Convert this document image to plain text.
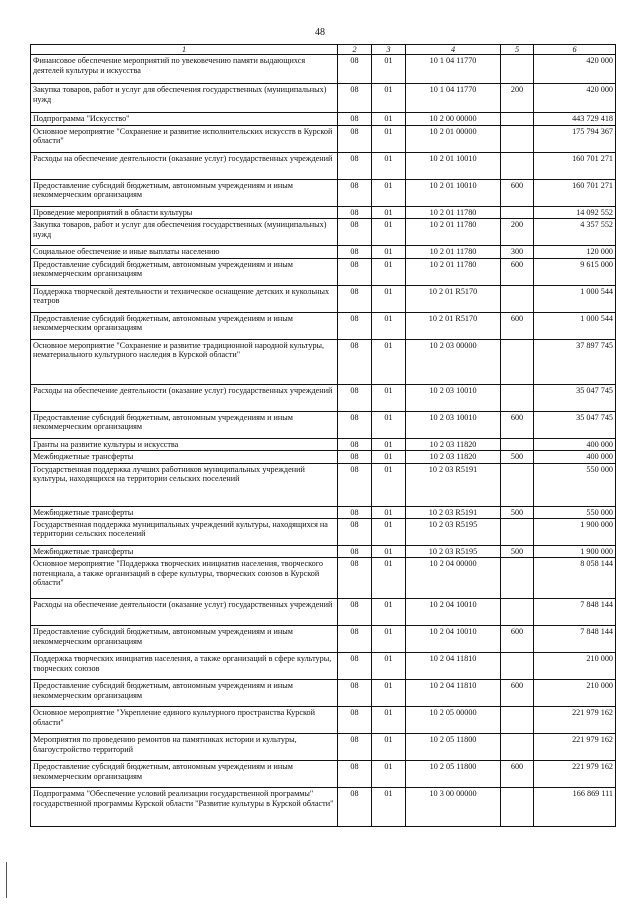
48
1	2	3	4	5	6
Финансовое обеспечение мероприятий по увековечению памяти выдающихся деятелей культуры и искусства	08	01	10 1 04 11770		420 000
Закупка товаров, работ и услуг для обеспечения государственных (муниципальных) нужд	08	01	10 1 04 11770	200	420 000
Подпрограмма "Искусство"	08	01	10 2 00 00000		443 729 418
Основное мероприятие "Сохранение и развитие исполнительских искусств в Курской области"	08	01	10 2 01 00000		175 794 367
Расходы на обеспечение деятельности (оказание услуг) государственных учреждений	08	01	10 2 01 10010		160 701 271
Предоставление субсидий бюджетным, автономным учреждениям и иным некоммерческим организациям	08	01	10 2 01 10010	600	160 701 271
Проведение мероприятий в области культуры	08	01	10 2 01 11780		14 092 552
Закупка товаров, работ и услуг для обеспечения государственных (муниципальных) нужд	08	01	10 2 01 11780	200	4 357 552
Социальное обеспечение и иные выплаты населению	08	01	10 2 01 11780	300	120 000
Предоставление субсидий бюджетным, автономным учреждениям и иным некоммерческим организациям	08	01	10 2 01 11780	600	9 615 000
Поддержка творческой деятельности и техническое оснащение детских и кукольных театров	08	01	10 2 01 R5170		1 000 544
Предоставление субсидий бюджетным, автономным учреждениям и иным некоммерческим организациям	08	01	10 2 01 R5170	600	1 000 544
Основное мероприятие "Сохранение и развитие традиционной народной культуры, нематериального культурного наследия в Курской области"	08	01	10 2 03 00000		37 897 745
Расходы на обеспечение деятельности (оказание услуг) государственных учреждений	08	01	10 2 03 10010		35 047 745
Предоставление субсидий бюджетным, автономным учреждениям и иным некоммерческим организациям	08	01	10 2 03 10010	600	35 047 745
Гранты на развитие культуры и искусства	08	01	10 2 03 11820		400 000
Межбюджетные трансферты	08	01	10 2 03 11820	500	400 000
Государственная поддержка лучших работников муниципальных учреждений культуры, находящихся на территории сельских поселений	08	01	10 2 03 R5191		550 000
Межбюджетные трансферты	08	01	10 2 03 R5191	500	550 000
Государственная поддержка муниципальных учреждений культуры, находящихся на территории сельских поселений	08	01	10 2 03 R5195		1 900 000
Межбюджетные трансферты	08	01	10 2 03 R5195	500	1 900 000
Основное мероприятие "Поддержка творческих инициатив населения, творческого потенциала, а также организаций в сфере культуры, творческих союзов в Курской области"	08	01	10 2 04 00000		8 058 144
Расходы на обеспечение деятельности (оказание услуг) государственных учреждений	08	01	10 2 04 10010		7 848 144
Предоставление субсидий бюджетным, автономным учреждениям и иным некоммерческим организациям	08	01	10 2 04 10010	600	7 848 144
Поддержка творческих инициатив населения, а также организаций в сфере культуры, творческих союзов	08	01	10 2 04 11810		210 000
Предоставление субсидий бюджетным, автономным учреждениям и иным некоммерческим организациям	08	01	10 2 04 11810	600	210 000
Основное мероприятие "Укрепление единого культурного пространства Курской области"	08	01	10 2 05 00000		221 979 162
Мероприятия по проведению ремонтов на памятниках истории и культуры, благоустройство территорий	08	01	10 2 05 11800		221 979 162
Предоставление субсидий бюджетным, автономным учреждениям и иным некоммерческим организациям	08	01	10 2 05 11800	600	221 979 162
Подпрограмма "Обеспечение условий реализации государственной программы" государственной программы Курской области "Развитие культуры в Курской области"	08	01	10 3 00 00000		166 869 111
